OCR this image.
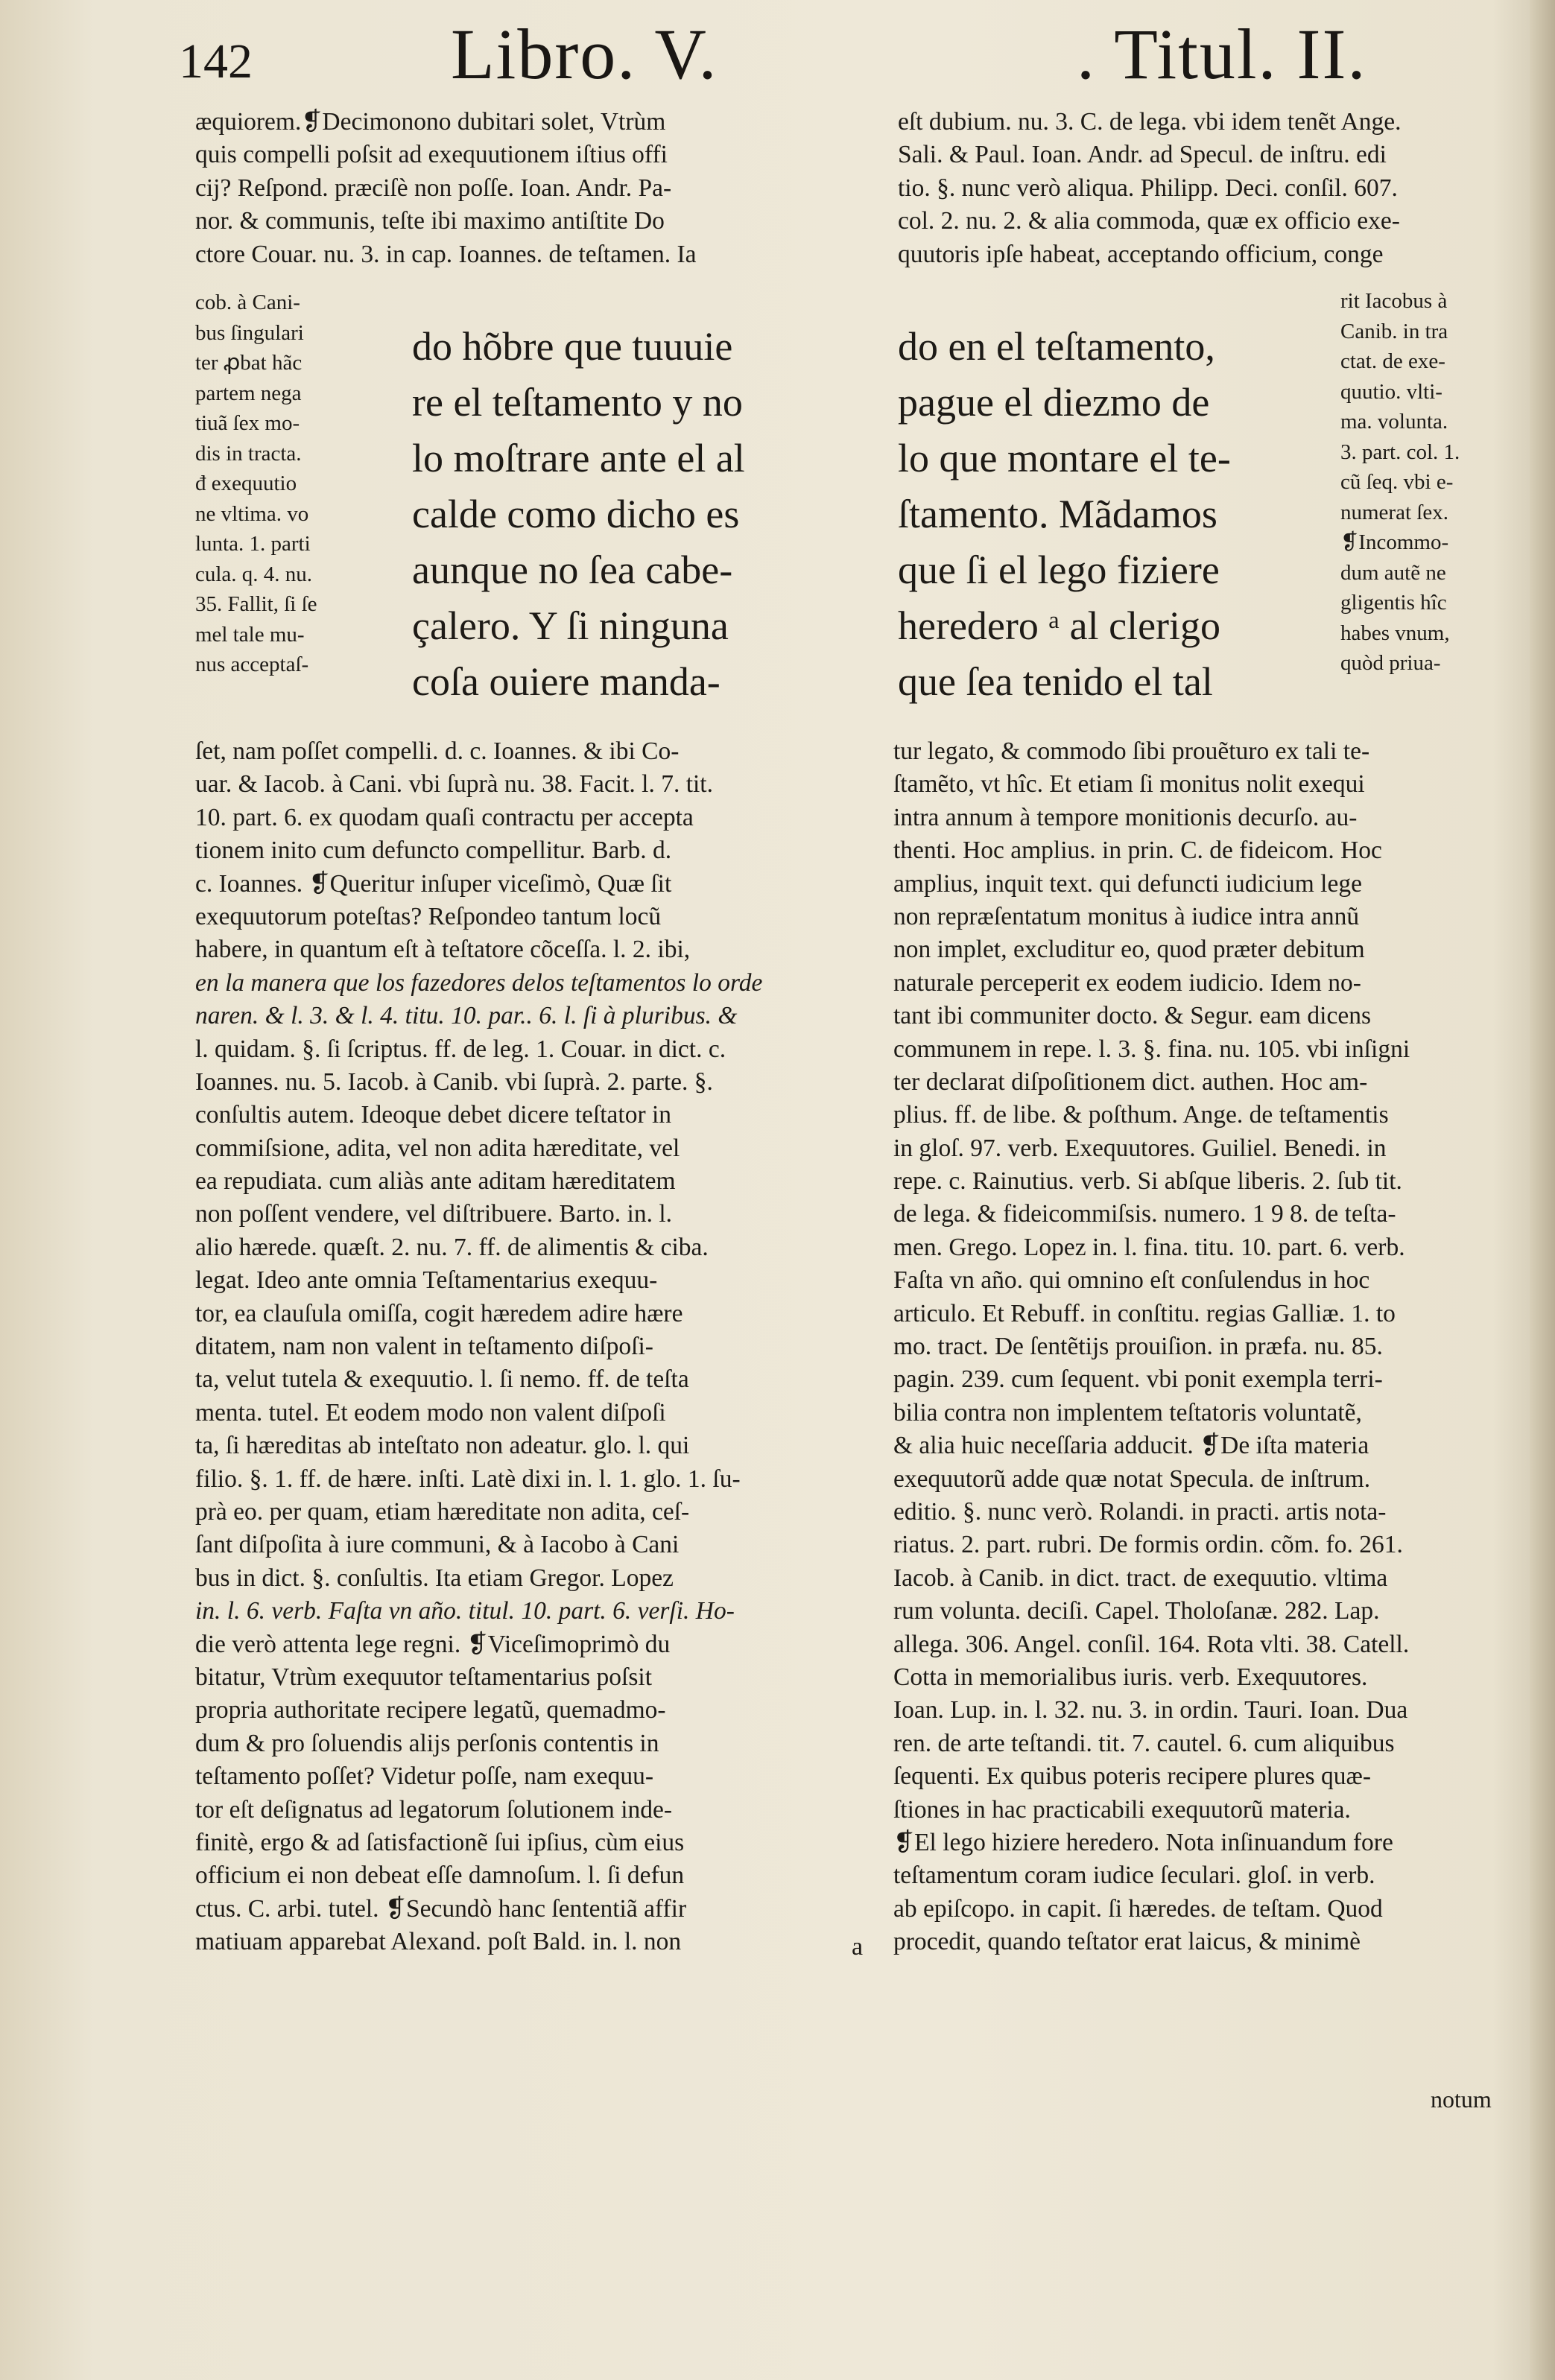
142	Libro. V.	. Titul. II.
æquiorem.❡Decimonono dubitari solet, Vtrùm
quis compelli poſsit ad exequutionem iſtius offi
cij? Reſpond. præciſè non poſſe. Ioan. Andr. Pa-
nor. & communis, teſte ibi maximo antiſtite Do
ctore Couar. nu. 3. in cap. Ioannes. de teſtamen. Ia
cob. à Cani-
bus ſingulari
ter ꝓbat hãc
partem nega
tiuã ſex mo-
dis in tracta.
đ exequutio
ne vltima. vo
lunta. 1. parti
cula. q. 4. nu.
35. Fallit, ſi ſe
mel tale mu-
nus acceptaſ-
do hõbre que tuuuie
re el teſtamento y no
lo moſtrare ante el al
calde como dicho es
aunque no ſea cabe-
çalero. Y ſi ninguna
coſa ouiere manda-
ſet, nam poſſet compelli. d. c. Ioannes. & ibi Co-
uar. & Iacob. à Cani. vbi ſuprà nu. 38. Facit. l. 7. tit.
10. part. 6. ex quodam quaſi contractu per accepta
tionem inito cum defuncto compellitur. Barb. d.
c. Ioannes. ❡Queritur inſuper viceſimò, Quæ ſit
exequutorum poteſtas? Reſpondeo tantum locũ
habere, in quantum eſt à teſtatore cõceſſa. l. 2. ibi,
en la manera que los fazedores delos teſtamentos lo orde
naren. & l. 3. & l. 4. titu. 10. par.. 6. l. ſi à pluribus. &
l. quidam. §. ſi ſcriptus. ff. de leg. 1. Couar. in dict. c.
Ioannes. nu. 5. Iacob. à Canib. vbi ſuprà. 2. parte. §.
conſultis autem. Ideoque debet dicere teſtator in
commiſsione, adita, vel non adita hæreditate, vel
ea repudiata. cum aliàs ante aditam hæreditatem
non poſſent vendere, vel diſtribuere. Barto. in. l.
alio hærede. quæſt. 2. nu. 7. ff. de alimentis & ciba.
legat. Ideo ante omnia Teſtamentarius exequu-
tor, ea clauſula omiſſa, cogit hæredem adire hære
ditatem, nam non valent in teſtamento diſpoſi-
ta, velut tutela & exequutio. l. ſi nemo. ff. de teſta
menta. tutel. Et eodem modo non valent diſpoſi
ta, ſi hæreditas ab inteſtato non adeatur. glo. l. qui
filio. §. 1. ff. de hære. inſti. Latè dixi in. l. 1. glo. 1. ſu-
prà eo. per quam, etiam hæreditate non adita, ceſ-
ſant diſpoſita à iure communi, & à Iacobo à Cani
bus in dict. §. conſultis. Ita etiam Gregor. Lopez
in. l. 6. verb. Faſta vn año. titul. 10. part. 6. verſi. Ho-
die verò attenta lege regni. ❡Viceſimoprimò du
bitatur, Vtrùm exequutor teſtamentarius poſsit
propria authoritate recipere legatũ, quemadmo-
dum & pro ſoluendis alijs perſonis contentis in
teſtamento poſſet? Videtur poſſe, nam exequu-
tor eſt deſignatus ad legatorum ſolutionem inde-
finitè, ergo & ad ſatisfactionẽ ſui ipſius, cùm eius
officium ei non debeat eſſe damnoſum. l. ſi defun
ctus. C. arbi. tutel. ❡Secundò hanc ſententiã affir
matiuam apparebat Alexand. poſt Bald. in. l. non
eſt dubium. nu. 3. C. de lega. vbi idem tenẽt Ange.
Sali. & Paul. Ioan. Andr. ad Specul. de inſtru. edi
tio. §. nunc verò aliqua. Philipp. Deci. conſil. 607.
col. 2. nu. 2. & alia commoda, quæ ex officio exe-
quutoris ipſe habeat, acceptando officium, conge
do en el teſtamento,
pague el diezmo de
lo que montare el te-
ſtamento. Mãdamos
que ſi el lego fiziere
heredero ᵃ al clerigo
que ſea tenido el tal
rit Iacobus à
Canib. in tra
ctat. de exe-
quutio. vlti-
ma. volunta.
3. part. col. 1.
cũ ſeq. vbi e-
numerat ſex.
❡Incommo-
dum autẽ ne
gligentis hîc
habes vnum,
quòd priua-
tur legato, & commodo ſibi prouẽturo ex tali te-
ſtamẽto, vt hîc. Et etiam ſi monitus nolit exequi
intra annum à tempore monitionis decurſo. au-
thenti. Hoc amplius. in prin. C. de fideicom. Hoc
amplius, inquit text. qui defuncti iudicium lege
non repræſentatum monitus à iudice intra annũ
non implet, excluditur eo, quod præter debitum
naturale perceperit ex eodem iudicio. Idem no-
tant ibi communiter docto. & Segur. eam dicens
communem in repe. l. 3. §. fina. nu. 105. vbi inſigni
ter declarat diſpoſitionem dict. authen. Hoc am-
plius. ff. de libe. & poſthum. Ange. de teſtamentis
in gloſ. 97. verb. Exequutores. Guiliel. Benedi. in
repe. c. Rainutius. verb. Si abſque liberis. 2. ſub tit.
de lega. & fideicommiſsis. numero. 1 9 8. de teſta-
men. Grego. Lopez in. l. fina. titu. 10. part. 6. verb.
Faſta vn año. qui omnino eſt conſulendus in hoc
articulo. Et Rebuff. in conſtitu. regias Galliæ. 1. to
mo. tract. De ſentẽtijs prouiſion. in præfa. nu. 85.
pagin. 239. cum ſequent. vbi ponit exempla terri-
bilia contra non implentem teſtatoris voluntatẽ,
& alia huic neceſſaria adducit. ❡De iſta materia
exequutorũ adde quæ notat Specula. de inſtrum.
editio. §. nunc verò. Rolandi. in practi. artis nota-
riatus. 2. part. rubri. De formis ordin. cõm. fo. 261.
Iacob. à Canib. in dict. tract. de exequutio. vltima
rum volunta. deciſi. Capel. Tholoſanæ. 282. Lap.
allega. 306. Angel. conſil. 164. Rota vlti. 38. Catell.
Cotta in memorialibus iuris. verb. Exequutores.
Ioan. Lup. in. l. 32. nu. 3. in ordin. Tauri. Ioan. Dua
ren. de arte teſtandi. tit. 7. cautel. 6. cum aliquibus
ſequenti. Ex quibus poteris recipere plures quæ-
ſtiones in hac practicabili exequutorũ materia.
❡El lego hiziere heredero. Nota inſinuandum fore
teſtamentum coram iudice ſeculari. gloſ. in verb.
ab epiſcopo. in capit. ſi hæredes. de teſtam. Quod
procedit, quando teſtator erat laicus, & minimè
a
notum
